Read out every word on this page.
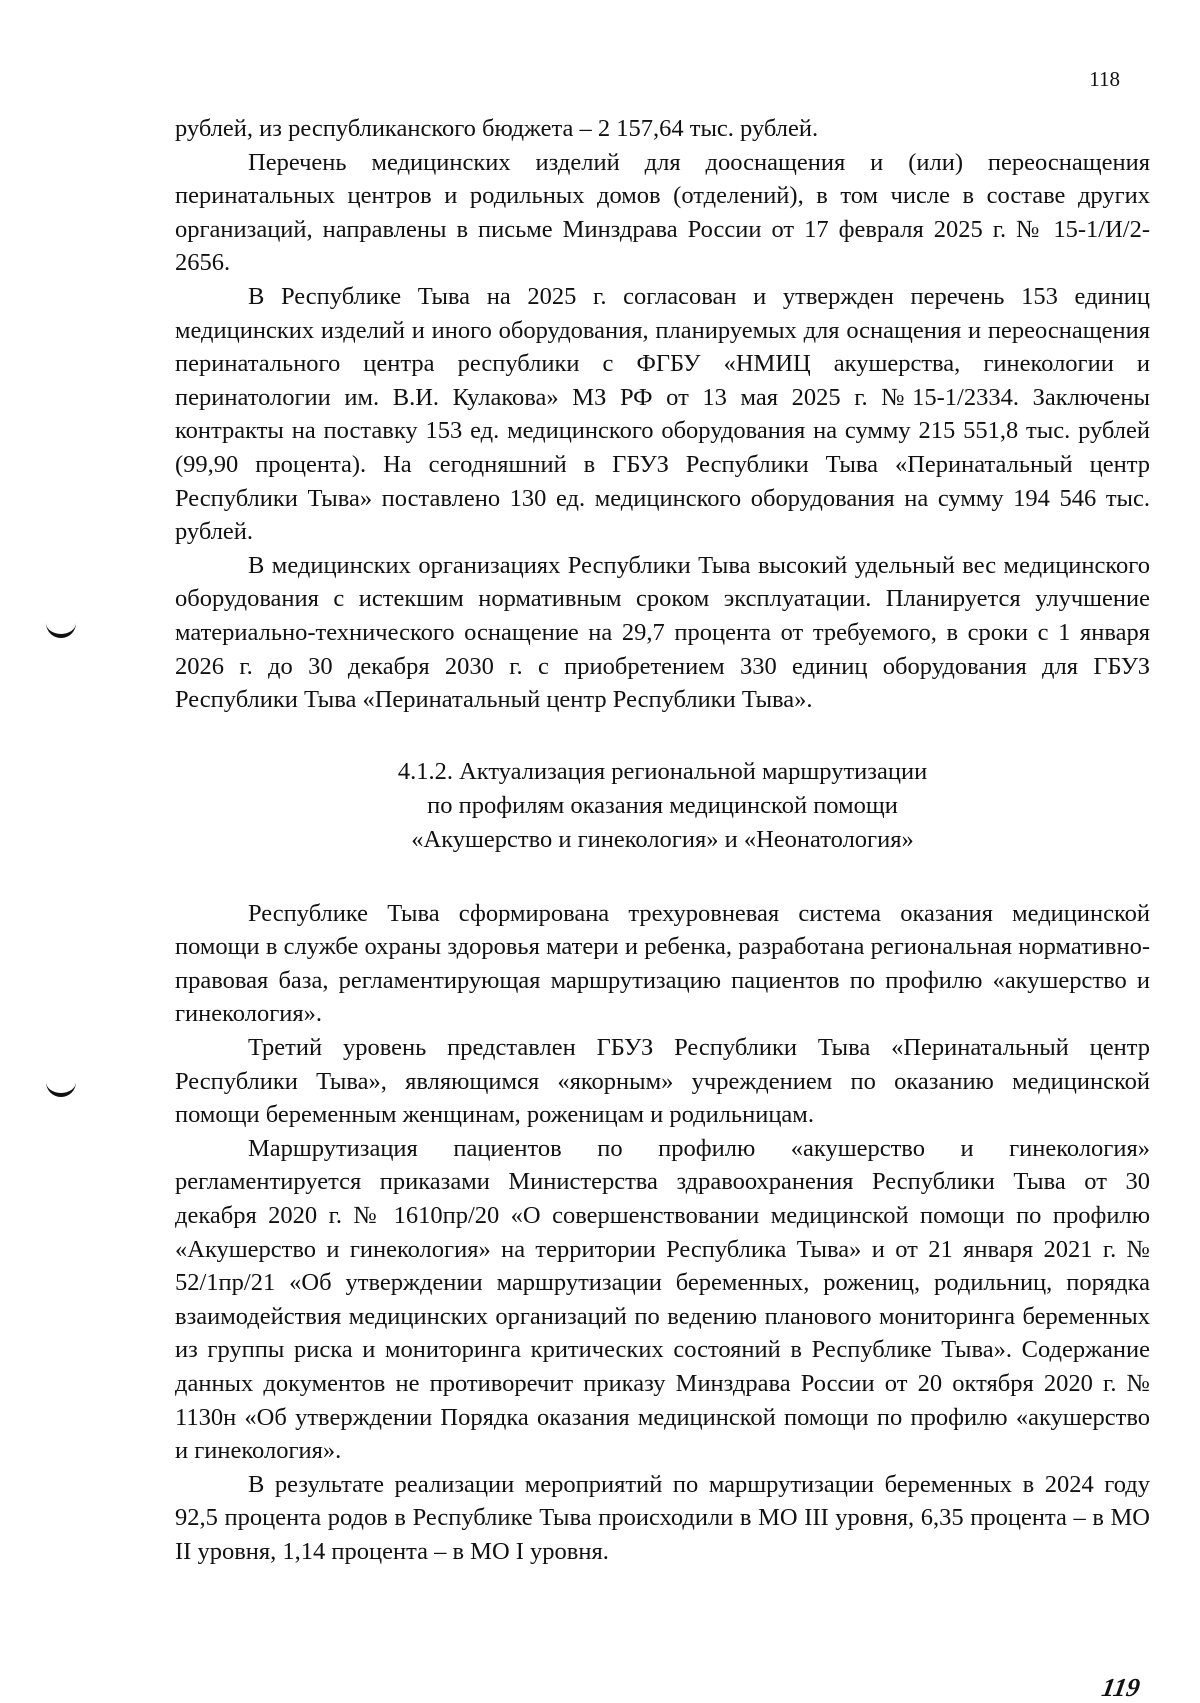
118

рублей, из республиканского бюджета – 2 157,64 тыс. рублей.

Перечень медицинских изделий для дооснащения и (или) переоснащения перинатальных центров и родильных домов (отделений), в том числе в составе других организаций, направлены в письме Минздрава России от 17 февраля 2025 г. № 15-1/И/2-2656.

В Республике Тыва на 2025 г. согласован и утвержден перечень 153 единиц медицинских изделий и иного оборудования, планируемых для оснащения и переоснащения перинатального центра республики с ФГБУ «НМИЦ акушерства, гинекологии и перинатологии им. В.И. Кулакова» МЗ РФ от 13 мая 2025 г. №15-1/2334. Заключены контракты на поставку 153 ед. медицинского оборудования на сумму 215 551,8 тыс. рублей (99,90 процента). На сегодняшний в ГБУЗ Республики Тыва «Перинатальный центр Республики Тыва» поставлено 130 ед. медицинского оборудования на сумму 194 546 тыс. рублей.

В медицинских организациях Республики Тыва высокий удельный вес медицинского оборудования с истекшим нормативным сроком эксплуатации. Планируется улучшение материально-технического оснащение на 29,7 процента от требуемого, в сроки с 1 января 2026 г. до 30 декабря 2030 г. с приобретением 330 единиц оборудования для ГБУЗ Республики Тыва «Перинатальный центр Республики Тыва».

4.1.2. Актуализация региональной маршрутизации
по профилям оказания медицинской помощи
«Акушерство и гинекология» и «Неонатология»

Республике Тыва сформирована трехуровневая система оказания медицинской помощи в службе охраны здоровья матери и ребенка, разработана региональная нормативно-правовая база, регламентирующая маршрутизацию пациентов по профилю «акушерство и гинекология».

Третий уровень представлен ГБУЗ Республики Тыва «Перинатальный центр Республики Тыва», являющимся «якорным» учреждением по оказанию медицинской помощи беременным женщинам, роженицам и родильницам.

Маршрутизация пациентов по профилю «акушерство и гинекология» регламентируется приказами Министерства здравоохранения Республики Тыва от 30 декабря 2020 г. № 1610пр/20 «О совершенствовании медицинской помощи по профилю «Акушерство и гинекология» на территории Республика Тыва» и от 21 января 2021 г. № 52/1пр/21 «Об утверждении маршрутизации беременных, рожениц, родильниц, порядка взаимодействия медицинских организаций по ведению планового мониторинга беременных из группы риска и мониторинга критических состояний в Республике Тыва». Содержание данных документов не противоречит приказу Минздрава России от 20 октября 2020 г. № 1130н «Об утверждении Порядка оказания медицинской помощи по профилю «акушерство и гинекология».

В результате реализации мероприятий по маршрутизации беременных в 2024 году 92,5 процента родов в Республике Тыва происходили в МО III уровня, 6,35 процента – в МО II уровня, 1,14 процента – в МО I уровня.

119
